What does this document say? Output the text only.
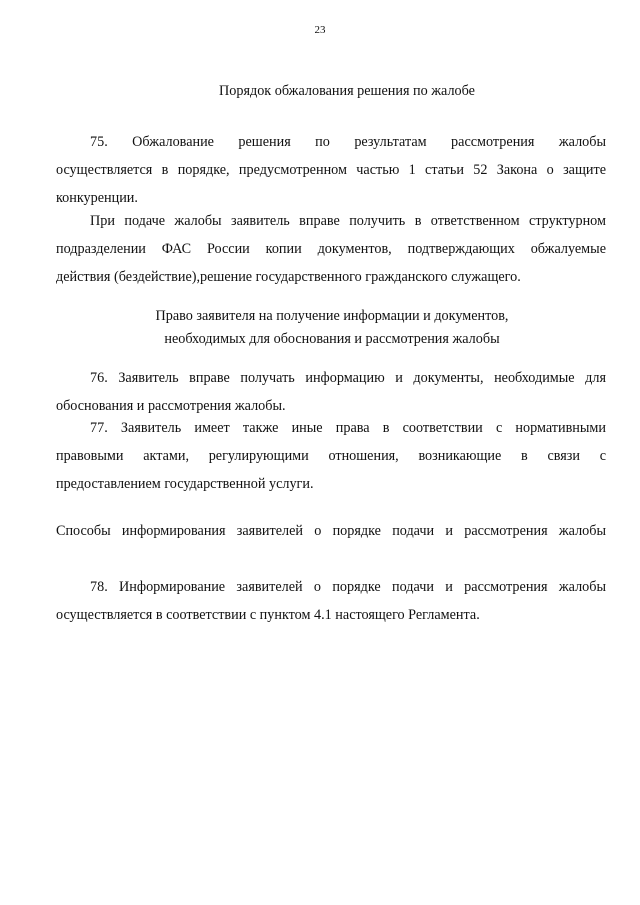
23
Порядок обжалования решения по жалобе
75. Обжалование решения по результатам рассмотрения жалобы
осуществляется в порядке, предусмотренном частью 1 статьи 52 Закона о защите
конкуренции.
При подаче жалобы заявитель вправе получить в ответственном структурном
подразделении ФАС России копии документов, подтверждающих обжалуемые
действия (бездействие),решение государственного гражданского служащего.
Право заявителя на получение информации и документов,
необходимых для обоснования и рассмотрения жалобы
76. Заявитель вправе получать информацию и документы, необходимые для
обоснования и рассмотрения жалобы.
77. Заявитель имеет также иные права в соответствии с нормативными
правовыми актами, регулирующими отношения, возникающие в связи с
предоставлением государственной услуги.
Способы информирования заявителей о порядке подачи и рассмотрения жалобы
78. Информирование заявителей о порядке подачи и рассмотрения жалобы
осуществляется в соответствии с пунктом 4.1 настоящего Регламента.
